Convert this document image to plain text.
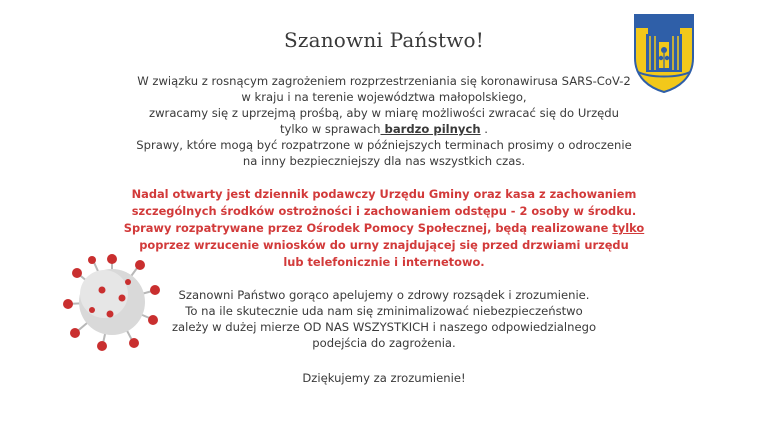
Szanowni Państwo!
W związku z rosnącym zagrożeniem rozprzestrzeniania się koronawirusa SARS-CoV-2
w kraju i na terenie województwa małopolskiego,
zwracamy się z uprzejmą prośbą, aby w miarę możliwości zwracać się do Urzędu
tylko w sprawach bardzo pilnych .
Sprawy, które mogą być rozpatrzone w późniejszych terminach prosimy o odroczenie
na inny bezpieczniejszy dla nas wszystkich czas.
Nadal otwarty jest dziennik podawczy Urzędu Gminy oraz kasa z zachowaniem
szczególnych środków ostrożności i zachowaniem odstępu - 2 osoby w środku.
Sprawy rozpatrywane przez Ośrodek Pomocy Społecznej, będą realizowane tylko
poprzez wrzucenie wniosków do urny znajdującej się przed drzwiami urzędu
lub telefonicznie i internetowo.
Szanowni Państwo gorąco apelujemy o zdrowy rozsądek i zrozumienie.
To na ile skutecznie uda nam się zminimalizować niebezpieczeństwo
zależy w dużej mierze OD NAS WSZYSTKICH i naszego odpowiedzialnego
podejścia do zagrożenia.
Dziękujemy za zrozumienie!
